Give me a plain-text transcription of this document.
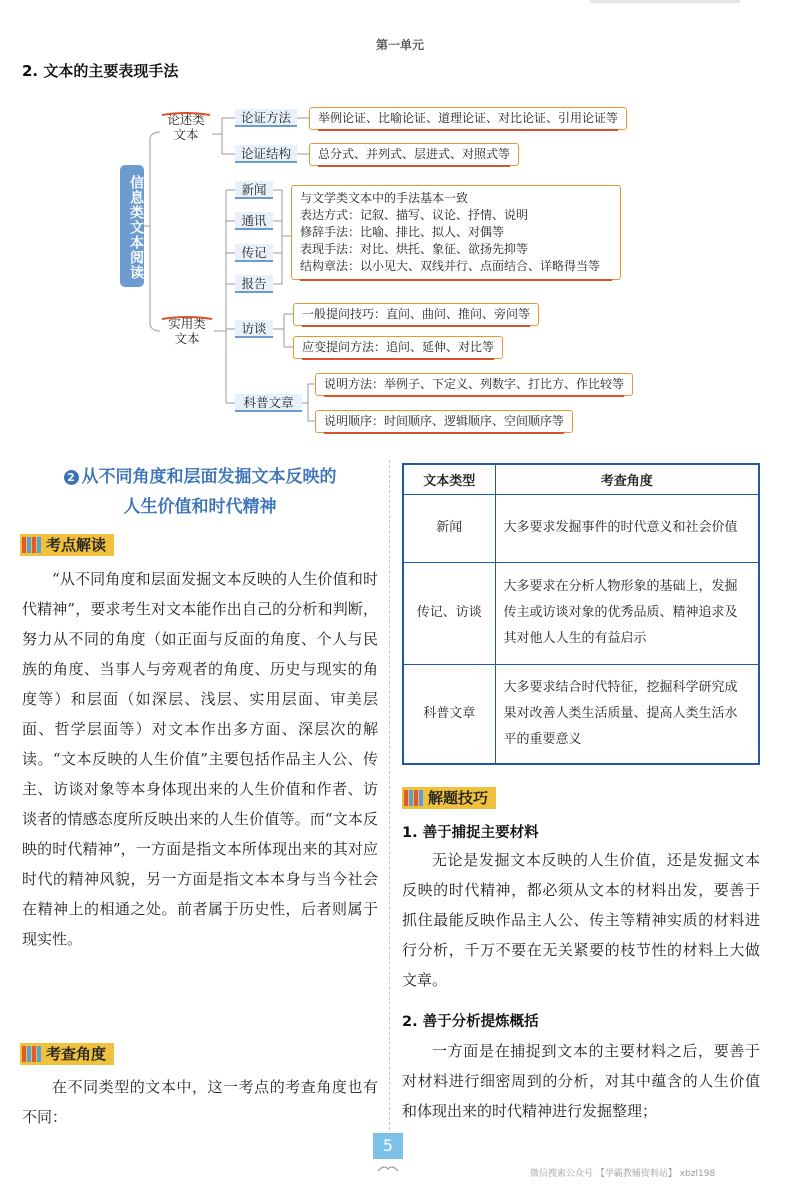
第一单元
2. 文本的主要表现手法
信息类文本阅读
论述类
文本
实用类
文本
论证方法
论证结构
举例论证、比喻论证、道理论证、对比论证、引用论证等
总分式、并列式、层进式、对照式等
新闻
通讯
传记
报告
与文学类文本中的手法基本一致
表达方式：记叙、描写、议论、抒情、说明
修辞手法：比喻、排比、拟人、对偶等
表现手法：对比、烘托、象征、欲扬先抑等
结构章法：以小见大、双线并行、点面结合、详略得当等
访谈
一般提问技巧：直问、曲问、推问、旁问等
应变提问方法：追问、延伸、对比等
科普文章
说明方法：举例子、下定义、列数字、打比方、作比较等
说明顺序：时间顺序、逻辑顺序、空间顺序等
2 从不同角度和层面发掘文本反映的
人生价值和时代精神
考点解读
“从不同角度和层面发掘文本反映的人生价值和时代精神”，要求考生对文本能作出自己的分析和判断，努力从不同的角度（如正面与反面的角度、个人与民族的角度、当事人与旁观者的角度、历史与现实的角度等）和层面（如深层、浅层、实用层面、审美层面、哲学层面等）对文本作出多方面、深层次的解读。“文本反映的人生价值”主要包括作品主人公、传主、访谈对象等本身体现出来的人生价值和作者、访谈者的情感态度所反映出来的人生价值等。而“文本反映的时代精神”，一方面是指文本所体现出来的其对应时代的精神风貌，另一方面是指文本本身与当今社会在精神上的相通之处。前者属于历史性，后者则属于现实性。
考查角度
在不同类型的文本中，这一考点的考查角度也有不同：
文本类型	考查角度
新闻	大多要求发掘事件的时代意义和社会价值
传记、访谈	大多要求在分析人物形象的基础上，发掘传主或访谈对象的优秀品质、精神追求及其对他人人生的有益启示
科普文章	大多要求结合时代特征，挖掘科学研究成果对改善人类生活质量、提高人类生活水平的重要意义
解题技巧
1. 善于捕捉主要材料
无论是发掘文本反映的人生价值，还是发掘文本反映的时代精神，都必须从文本的材料出发，要善于抓住最能反映作品主人公、传主等精神实质的材料进行分析，千万不要在无关紧要的枝节性的材料上大做文章。
2. 善于分析提炼概括
一方面是在捕捉到文本的主要材料之后，要善于对材料进行细密周到的分析，对其中蕴含的人生价值和体现出来的时代精神进行发掘整理；
5
微信搜索公众号 【学霸教辅资料站】 xbzl198
